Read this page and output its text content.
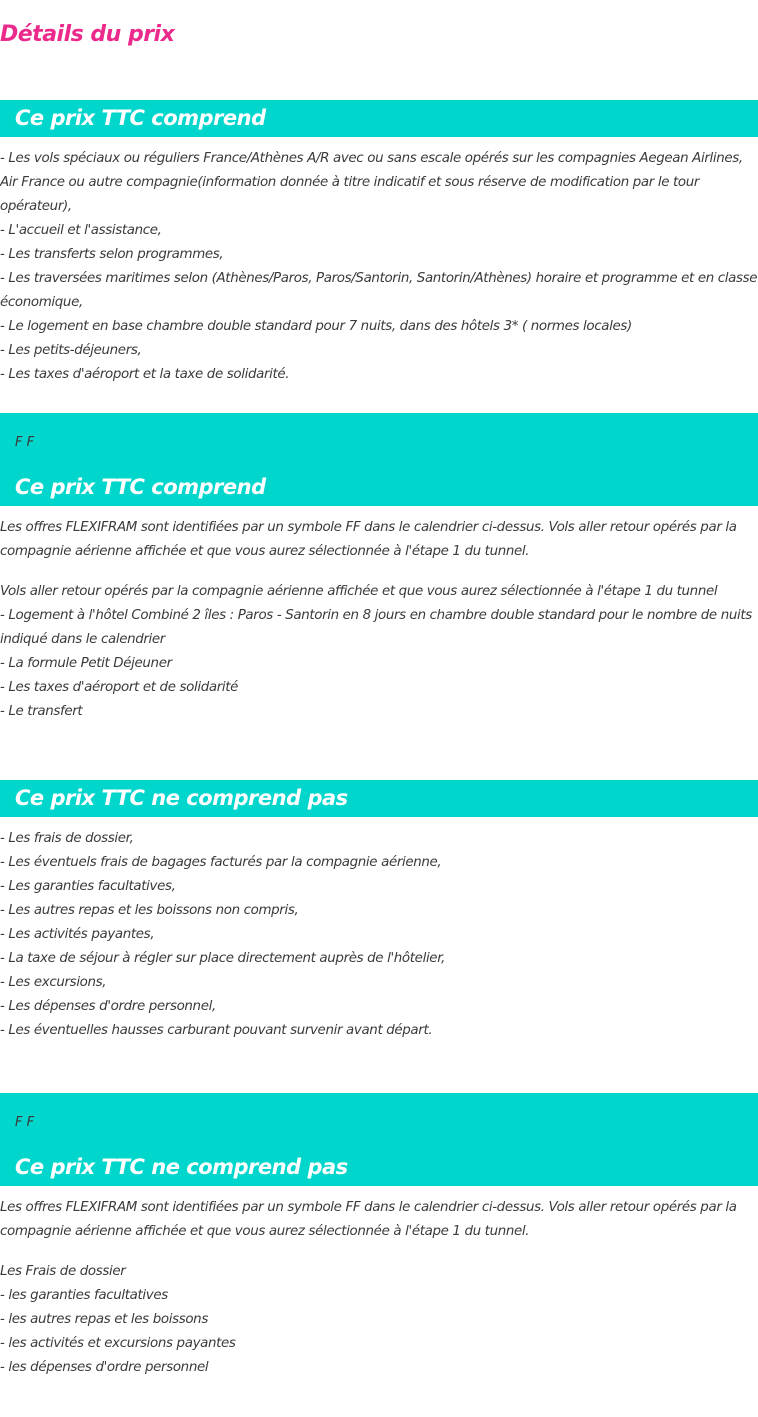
Détails du prix
Ce prix TTC comprend
- Les vols spéciaux ou réguliers France/Athènes A/R avec ou sans escale opérés sur les compagnies Aegean Airlines, Air France ou autre compagnie(information donnée à titre indicatif et sous réserve de modification par le tour opérateur),
- L'accueil et l'assistance,
- Les transferts selon programmes,
- Les traversées maritimes selon (Athènes/Paros, Paros/Santorin, Santorin/Athènes) horaire et programme et en classe économique,
- Le logement en base chambre double standard pour 7 nuits, dans des hôtels 3* ( normes locales)
- Les petits-déjeuners,
- Les taxes d'aéroport et la taxe de solidarité.
F F
Ce prix TTC comprend

Les offres FLEXIFRAM sont identifiées par un symbole FF dans le calendrier ci-dessus. Vols aller retour opérés par la compagnie aérienne affichée et que vous aurez sélectionnée à l'étape 1 du tunnel.

Vols aller retour opérés par la compagnie aérienne affichée et que vous aurez sélectionnée à l'étape 1 du tunnel
- Logement à l'hôtel Combiné 2 îles : Paros - Santorin en 8 jours en chambre double standard pour le nombre de nuits indiqué dans le calendrier
- La formule Petit Déjeuner
- Les taxes d'aéroport et de solidarité
- Le transfert
Ce prix TTC ne comprend pas
- Les frais de dossier,
- Les éventuels frais de bagages facturés par la compagnie aérienne,
- Les garanties facultatives,
- Les autres repas et les boissons non compris,
- Les activités payantes,
- La taxe de séjour à régler sur place directement auprès de l'hôtelier,
- Les excursions,
- Les dépenses d'ordre personnel,
- Les éventuelles hausses carburant pouvant survenir avant départ.
F F
Ce prix TTC ne comprend pas

Les offres FLEXIFRAM sont identifiées par un symbole FF dans le calendrier ci-dessus. Vols aller retour opérés par la compagnie aérienne affichée et que vous aurez sélectionnée à l'étape 1 du tunnel.

Les Frais de dossier
- les garanties facultatives
- les autres repas et les boissons
- les activités et excursions payantes
- les dépenses d'ordre personnel
